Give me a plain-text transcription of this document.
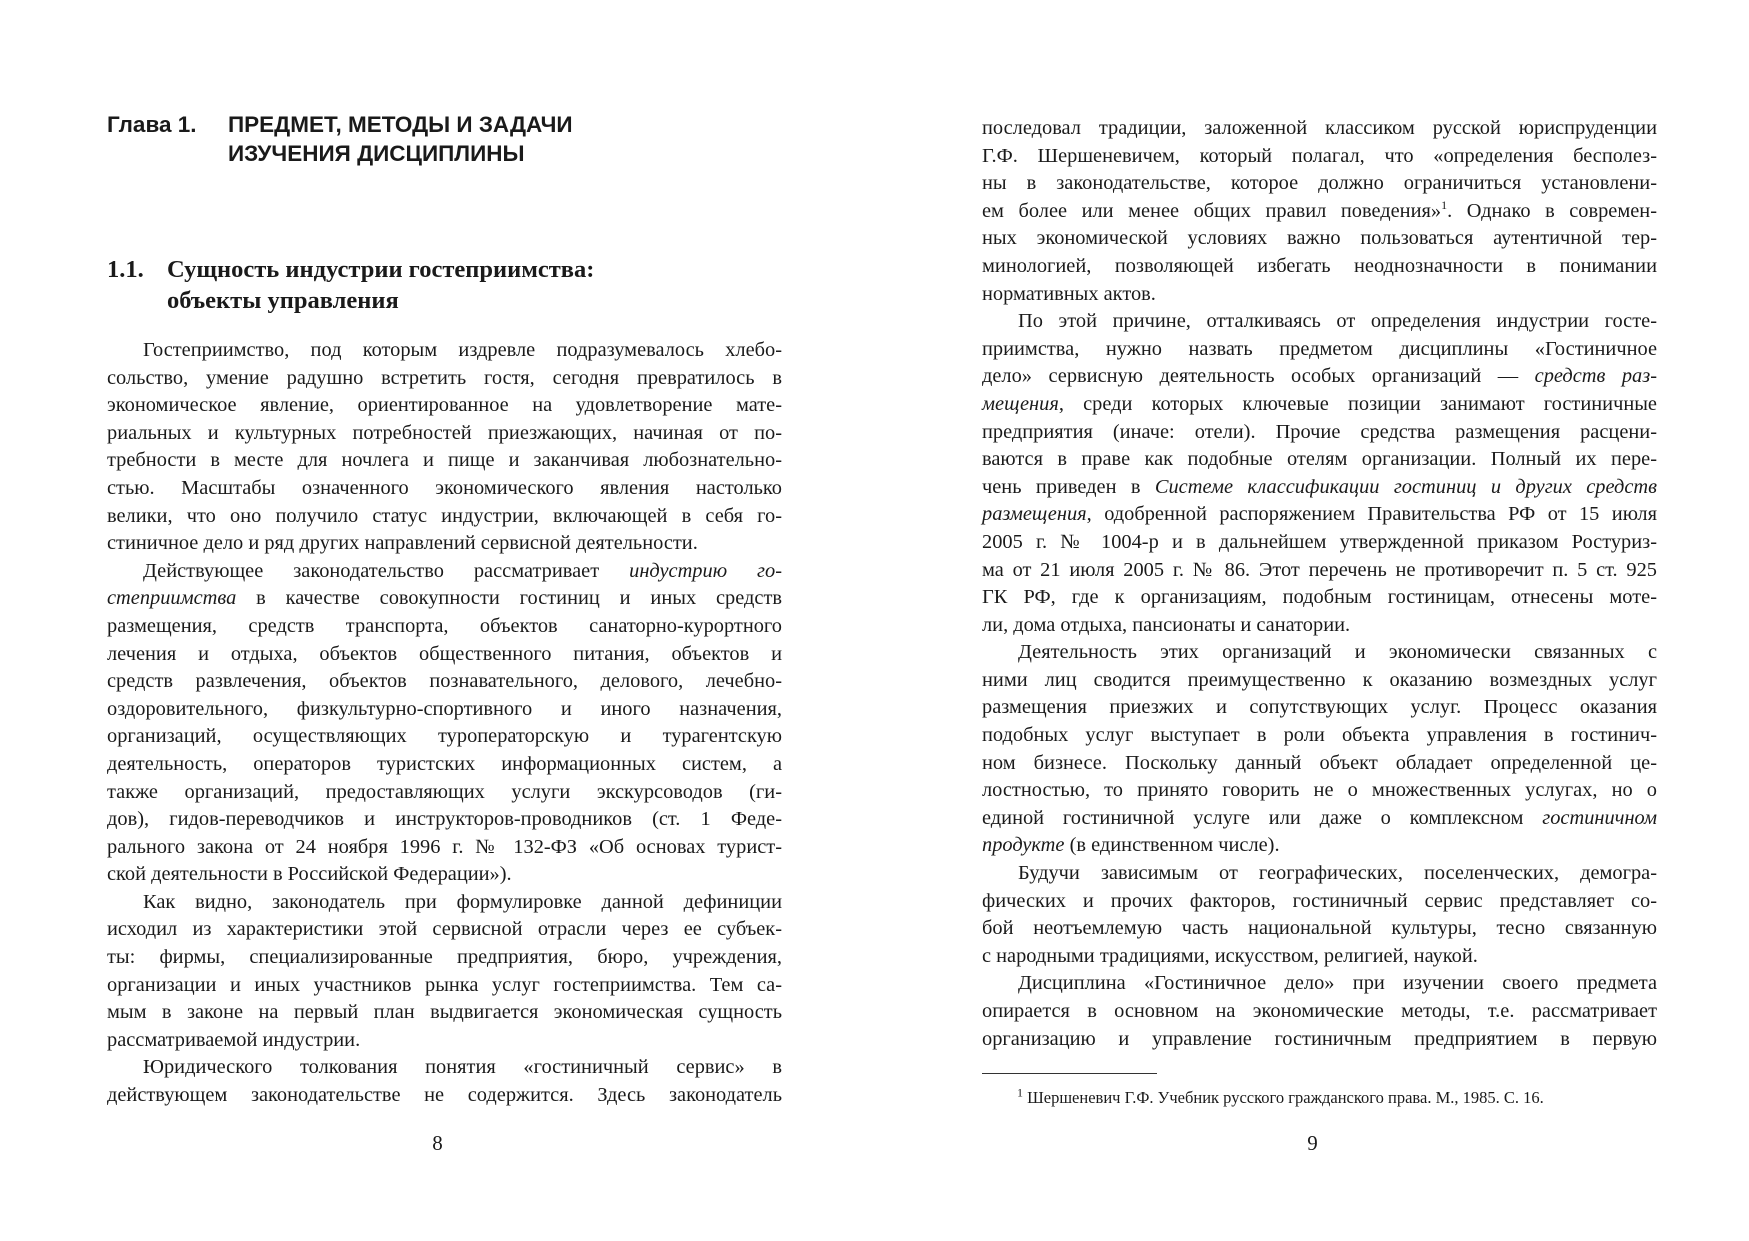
Глава 1. ПРЕДМЕТ, МЕТОДЫ И ЗАДАЧИ
ИЗУЧЕНИЯ ДИСЦИПЛИНЫ
1.1. Сущность индустрии гостеприимства:
объекты управления

Гостеприимство, под которым издревле подразумевалось хлебо-

сольство, умение радушно встретить гостя, сегодня превратилось в

экономическое явление, ориентированное на удовлетворение мате-

риальных и культурных потребностей приезжающих, начиная от по-

требности в месте для ночлега и пище и заканчивая любознательно-

стью. Масштабы означенного экономического явления настолько

велики, что оно получило статус индустрии, включающей в себя го-

стиничное дело и ряд других направлений сервисной деятельности.

Действующее законодательство рассматривает индустрию го-

степриимства в качестве совокупности гостиниц и иных средств

размещения, средств транспорта, объектов санаторно-курортного

лечения и отдыха, объектов общественного питания, объектов и

средств развлечения, объектов познавательного, делового, лечебно-

оздоровительного, физкультурно-спортивного и иного назначения,

организаций, осуществляющих туроператорскую и турагентскую

деятельность, операторов туристских информационных систем, а

также организаций, предоставляющих услуги экскурсоводов (ги-

дов), гидов-переводчиков и инструкторов-проводников (ст. 1 Феде-

рального закона от 24 ноября 1996 г. № 132-ФЗ «Об основах турист-

ской деятельности в Российской Федерации»).

Как видно, законодатель при формулировке данной дефиниции

исходил из характеристики этой сервисной отрасли через ее субъек-

ты: фирмы, специализированные предприятия, бюро, учреждения,

организации и иных участников рынка услуг гостеприимства. Тем са-

мым в законе на первый план выдвигается экономическая сущность

рассматриваемой индустрии.

Юридического толкования понятия «гостиничный сервис» в

действующем законодательстве не содержится. Здесь законодатель

8

последовал традиции, заложенной классиком русской юриспруденции

Г.Ф. Шершеневичем, который полагал, что «определения бесполез-

ны в законодательстве, которое должно ограничиться установлени-

ем более или менее общих правил поведения»$^1$. Однако в современ-

ных экономической условиях важно пользоваться аутентичной тер-

минологией, позволяющей избегать неоднозначности в понимании

нормативных актов.

По этой причине, отталкиваясь от определения индустрии госте-

приимства, нужно назвать предметом дисциплины «Гостиничное

дело» сервисную деятельность особых организаций — средств раз-

мещения, среди которых ключевые позиции занимают гостиничные

предприятия (иначе: отели). Прочие средства размещения расцени-

ваются в праве как подобные отелям организации. Полный их пере-

чень приведен в Системе классификации гостиниц и других средств

размещения, одобренной распоряжением Правительства РФ от 15 июля

2005 г. № 1004-р и в дальнейшем утвержденной приказом Ростуриз-

ма от 21 июля 2005 г. № 86. Этот перечень не противоречит п. 5 ст. 925

ГК РФ, где к организациям, подобным гостиницам, отнесены моте-

ли, дома отдыха, пансионаты и санатории.

Деятельность этих организаций и экономически связанных с

ними лиц сводится преимущественно к оказанию возмездных услуг

размещения приезжих и сопутствующих услуг. Процесс оказания

подобных услуг выступает в роли объекта управления в гостинич-

ном бизнесе. Поскольку данный объект обладает определенной це-

лостностью, то принято говорить не о множественных услугах, но о

единой гостиничной услуге или даже о комплексном гостиничном

продукте (в единственном числе).

Будучи зависимым от географических, поселенческих, демогра-

фических и прочих факторов, гостиничный сервис представляет со-

бой неотъемлемую часть национальной культуры, тесно связанную

с народными традициями, искусством, религией, наукой.

Дисциплина «Гостиничное дело» при изучении своего предмета

опирается в основном на экономические методы, т.е. рассматривает

организацию и управление гостиничным предприятием в первую

$^1$ Шершеневич Г.Ф. Учебник русского гражданского права. М., 1985. С. 16.
9
